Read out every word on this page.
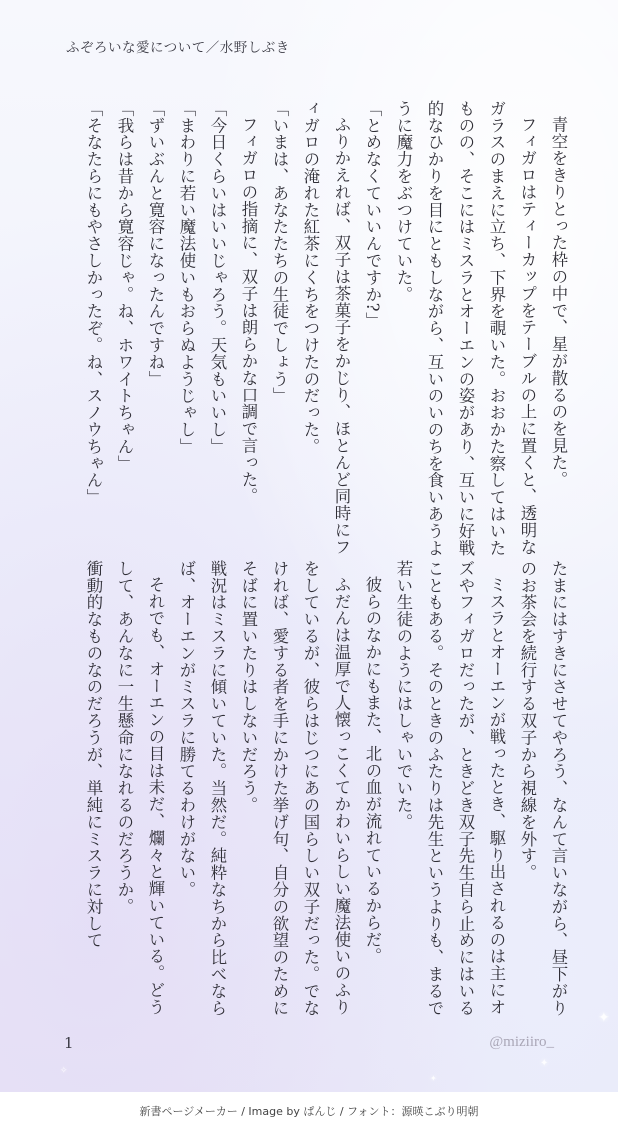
✦
✦
✧
✦
ふぞろいな愛について／水野しぶき

青空をきりとった枠の中で、星が散るのを見た。

フィガロはティーカップをテーブルの上に置くと、透明なガラスのまえに立ち、下界を覗いた。おおかた察してはいたものの、そこにはミスラとオーエンの姿があり、互いに好戦的なひかりを目にともしながら、互いのいのちを食いあうように魔力をぶつけていた。

「とめなくていいんですか?」

ふりかえれば、双子は茶菓子をかじり、ほとんど同時にフィガロの淹れた紅茶にくちをつけたのだった。

「いまは、あなたたちの生徒でしょう」

フィガロの指摘に、双子は朗らかな口調で言った。

「今日くらいはいいじゃろう。天気もいいし」

「まわりに若い魔法使いもおらぬようじゃし」

「ずいぶんと寛容になったんですね」

「我らは昔から寛容じゃ。ね、ホワイトちゃん」

「そなたらにもやさしかったぞ。ね、スノウちゃん」

たまにはすきにさせてやろう、なんて言いながら、昼下がりのお茶会を続行する双子から視線を外す。

ミスラとオーエンが戦ったとき、駆り出されるのは主にオズやフィガロだったが、ときどき双子先生自ら止めにはいることもある。そのときのふたりは先生というよりも、まるで若い生徒のようにはしゃいでいた。

彼らのなかにもまた、北の血が流れているからだ。

ふだんは温厚で人懐っこくてかわいらしい魔法使いのふりをしているが、彼らはじつにあの国らしい双子だった。でなければ、愛する者を手にかけた挙げ句、自分の欲望のためにそばに置いたりはしないだろう。

戦況はミスラに傾いていた。当然だ。純粋なちから比べならば、オーエンがミスラに勝てるわけがない。

それでも、オーエンの目は未だ、爛々と輝いている。どうして、あんなに一生懸命になれるのだろうか。

衝動的なものなのだろうが、単純にミスラに対して

1	@miziiro_
新書ページメーカー / Image by ぱんじ / フォント：源暎こぶり明朝
